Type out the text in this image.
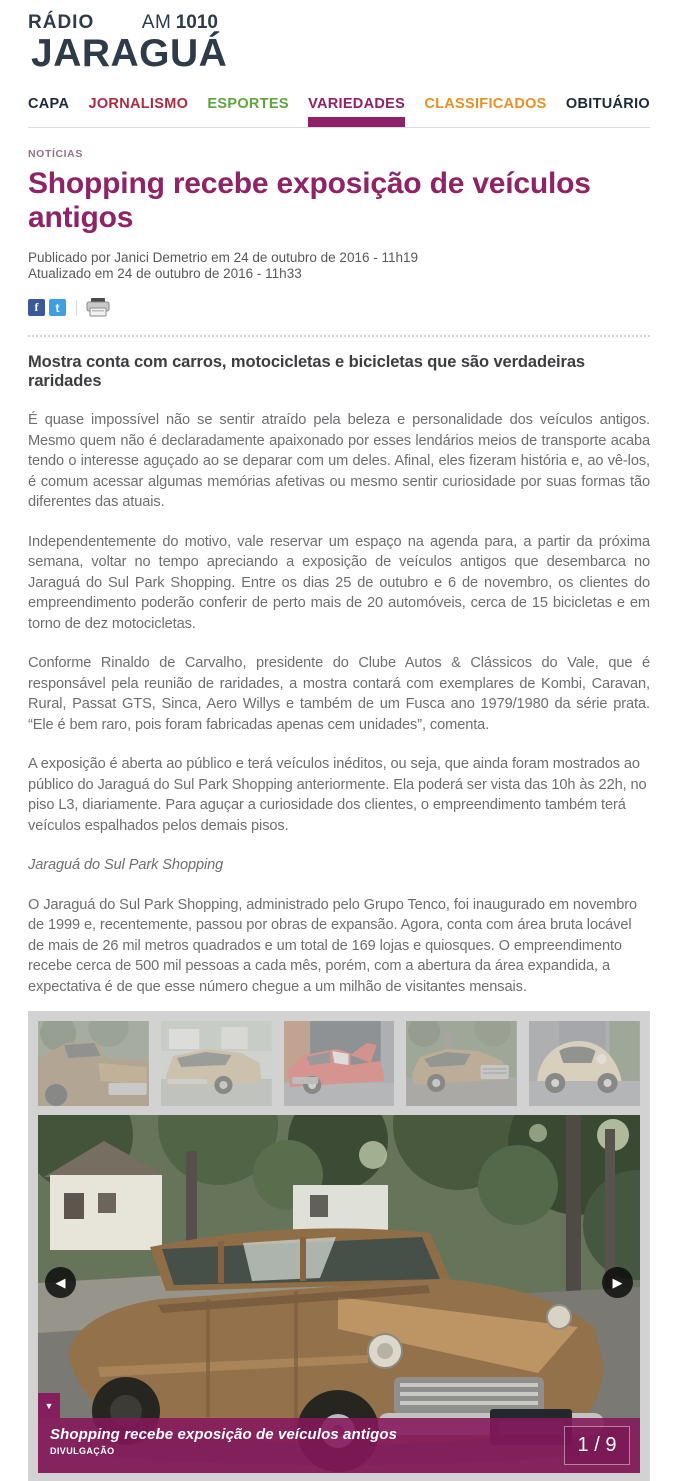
RÁDIO	AM 1010
JARAGUÁ
CAPA JORNALISMO ESPORTES VARIEDADES CLASSIFICADOS OBITUÁRIO
NOTÍCIAS
Shopping recebe exposição de veículos antigos
Publicado por Janici Demetrio em 24 de outubro de 2016 - 11h19
Atualizado em 24 de outubro de 2016 - 11h33
f	t
Mostra conta com carros, motocicletas e bicicletas que são verdadeiras raridades

É quase impossível não se sentir atraído pela beleza e personalidade dos veículos antigos. Mesmo quem não é declaradamente apaixonado por esses lendários meios de transporte acaba tendo o interesse aguçado ao se deparar com um deles. Afinal, eles fizeram história e, ao vê-los, é comum acessar algumas memórias afetivas ou mesmo sentir curiosidade por suas formas tão diferentes das atuais.

Independentemente do motivo, vale reservar um espaço na agenda para, a partir da próxima semana, voltar no tempo apreciando a exposição de veículos antigos que desembarca no Jaraguá do Sul Park Shopping. Entre os dias 25 de outubro e 6 de novembro, os clientes do empreendimento poderão conferir de perto mais de 20 automóveis, cerca de 15 bicicletas e em torno de dez motocicletas.

Conforme Rinaldo de Carvalho, presidente do Clube Autos & Clássicos do Vale, que é responsável pela reunião de raridades, a mostra contará com exemplares de Kombi, Caravan, Rural, Passat GTS, Sinca, Aero Willys e também de um Fusca ano 1979/1980 da série prata. “Ele é bem raro, pois foram fabricadas apenas cem unidades”, comenta.

A exposição é aberta ao público e terá veículos inéditos, ou seja, que ainda foram mostrados ao público do Jaraguá do Sul Park Shopping anteriormente. Ela poderá ser vista das 10h às 22h, no piso L3, diariamente. Para aguçar a curiosidade dos clientes, o empreendimento também terá veículos espalhados pelos demais pisos.

Jaraguá do Sul Park Shopping

O Jaraguá do Sul Park Shopping, administrado pelo Grupo Tenco, foi inaugurado em novembro de 1999 e, recentemente, passou por obras de expansão. Agora, conta com área bruta locável de mais de 26 mil metros quadrados e um total de 169 lojas e quiosques. O empreendimento recebe cerca de 500 mil pessoas a cada mês, porém, com a abertura da área expandida, a expectativa é de que esse número chegue a um milhão de visitantes mensais.

◀	▶
▼
Shopping recebe exposição de veículos antigos
DIVULGAÇÃO	1 / 9
